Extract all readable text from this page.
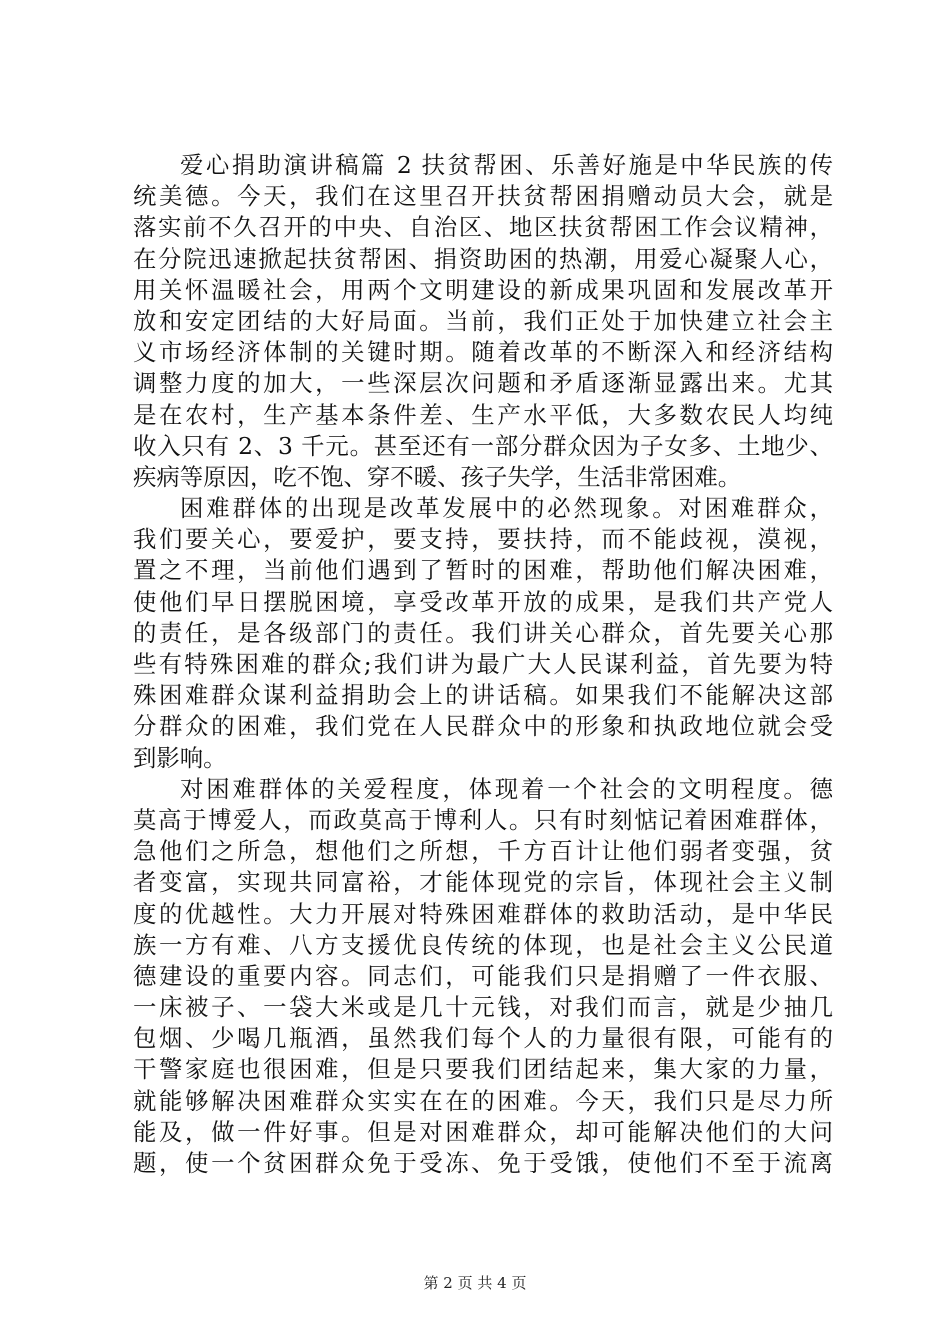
爱心捐助演讲稿篇 2 扶贫帮困、乐善好施是中华民族的传
统美德。今天，我们在这里召开扶贫帮困捐赠动员大会，就是
落实前不久召开的中央、自治区、地区扶贫帮困工作会议精神，
在分院迅速掀起扶贫帮困、捐资助困的热潮，用爱心凝聚人心，
用关怀温暖社会，用两个文明建设的新成果巩固和发展改革开
放和安定团结的大好局面。当前，我们正处于加快建立社会主
义市场经济体制的关键时期。随着改革的不断深入和经济结构
调整力度的加大，一些深层次问题和矛盾逐渐显露出来。尤其
是在农村，生产基本条件差、生产水平低，大多数农民人均纯
收入只有 2、3 千元。甚至还有一部分群众因为子女多、土地少、
疾病等原因，吃不饱、穿不暖、孩子失学，生活非常困难。
困难群体的出现是改革发展中的必然现象。对困难群众，
我们要关心，要爱护，要支持，要扶持，而不能歧视，漠视，
置之不理，当前他们遇到了暂时的困难，帮助他们解决困难，
使他们早日摆脱困境，享受改革开放的成果，是我们共产党人
的责任，是各级部门的责任。我们讲关心群众，首先要关心那
些有特殊困难的群众;我们讲为最广大人民谋利益，首先要为特
殊困难群众谋利益捐助会上的讲话稿。如果我们不能解决这部
分群众的困难，我们党在人民群众中的形象和执政地位就会受
到影响。
对困难群体的关爱程度，体现着一个社会的文明程度。德
莫高于博爱人，而政莫高于博利人。只有时刻惦记着困难群体，
急他们之所急，想他们之所想，千方百计让他们弱者变强，贫
者变富，实现共同富裕，才能体现党的宗旨，体现社会主义制
度的优越性。大力开展对特殊困难群体的救助活动，是中华民
族一方有难、八方支援优良传统的体现，也是社会主义公民道
德建设的重要内容。同志们，可能我们只是捐赠了一件衣服、
一床被子、一袋大米或是几十元钱，对我们而言，就是少抽几
包烟、少喝几瓶酒，虽然我们每个人的力量很有限，可能有的
干警家庭也很困难，但是只要我们团结起来，集大家的力量，
就能够解决困难群众实实在在的困难。今天，我们只是尽力所
能及，做一件好事。但是对困难群众，却可能解决他们的大问
题，使一个贫困群众免于受冻、免于受饿，使他们不至于流离
第 2 页 共 4 页
